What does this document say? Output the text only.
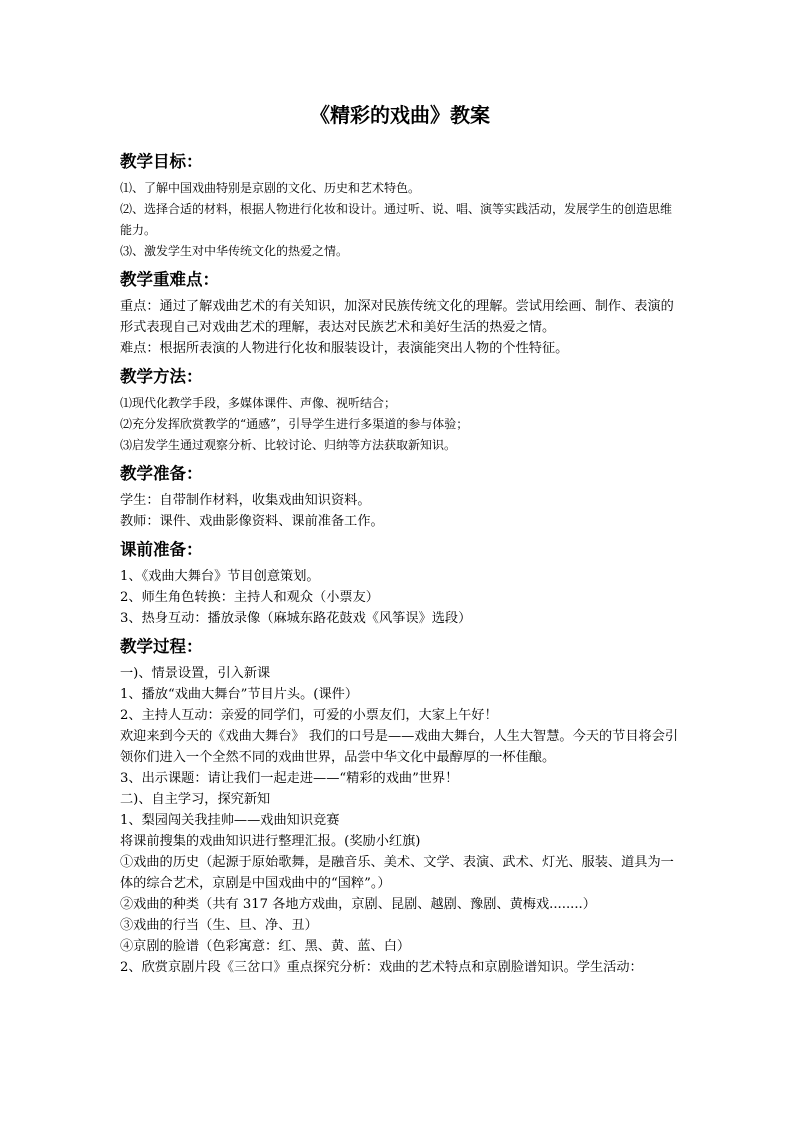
《精彩的戏曲》教案
教学目标：

⑴、了解中国戏曲特别是京剧的文化、历史和艺术特色。

⑵、选择合适的材料，根据人物进行化妆和设计。通过听、说、唱、演等实践活动，发展学生的创造思维能力。

⑶、激发学生对中华传统文化的热爱之情。

教学重难点：

重点：通过了解戏曲艺术的有关知识，加深对民族传统文化的理解。尝试用绘画、制作、表演的形式表现自己对戏曲艺术的理解，表达对民族艺术和美好生活的热爱之情。

难点：根据所表演的人物进行化妆和服装设计，表演能突出人物的个性特征。

教学方法：

⑴现代化教学手段，多媒体课件、声像、视听结合；

⑵充分发挥欣赏教学的“通感”，引导学生进行多渠道的参与体验；

⑶启发学生通过观察分析、比较讨论、归纳等方法获取新知识。

教学准备：

学生：自带制作材料，收集戏曲知识资料。

教师：课件、戏曲影像资料、课前准备工作。

课前准备：

1、《戏曲大舞台》节目创意策划。

2、师生角色转换：主持人和观众（小票友）

3、热身互动：播放录像（麻城东路花鼓戏《风筝误》选段）

教学过程：

一)、情景设置，引入新课

1、播放“戏曲大舞台”节目片头。(课件）

2、主持人互动：亲爱的同学们，可爱的小票友们，大家上午好！

欢迎来到今天的《戏曲大舞台》 我们的口号是——戏曲大舞台，人生大智慧。今天的节目将会引领你们进入一个全然不同的戏曲世界，品尝中华文化中最醇厚的一杯佳酿。

3、出示课题：请让我们一起走进——“精彩的戏曲”世界！

二)、自主学习，探究新知

1、梨园闯关我挂帅——戏曲知识竞赛

将课前搜集的戏曲知识进行整理汇报。(奖励小红旗)

①戏曲的历史（起源于原始歌舞，是融音乐、美术、文学、表演、武术、灯光、服装、道具为一体的综合艺术，京剧是中国戏曲中的“国粹”。）

②戏曲的种类（共有 317 各地方戏曲，京剧、昆剧、越剧、豫剧、黄梅戏........）

③戏曲的行当（生、旦、净、丑）

④京剧的脸谱（色彩寓意：红、黑、黄、蓝、白）

2、欣赏京剧片段《三岔口》重点探究分析：戏曲的艺术特点和京剧脸谱知识。学生活动：
